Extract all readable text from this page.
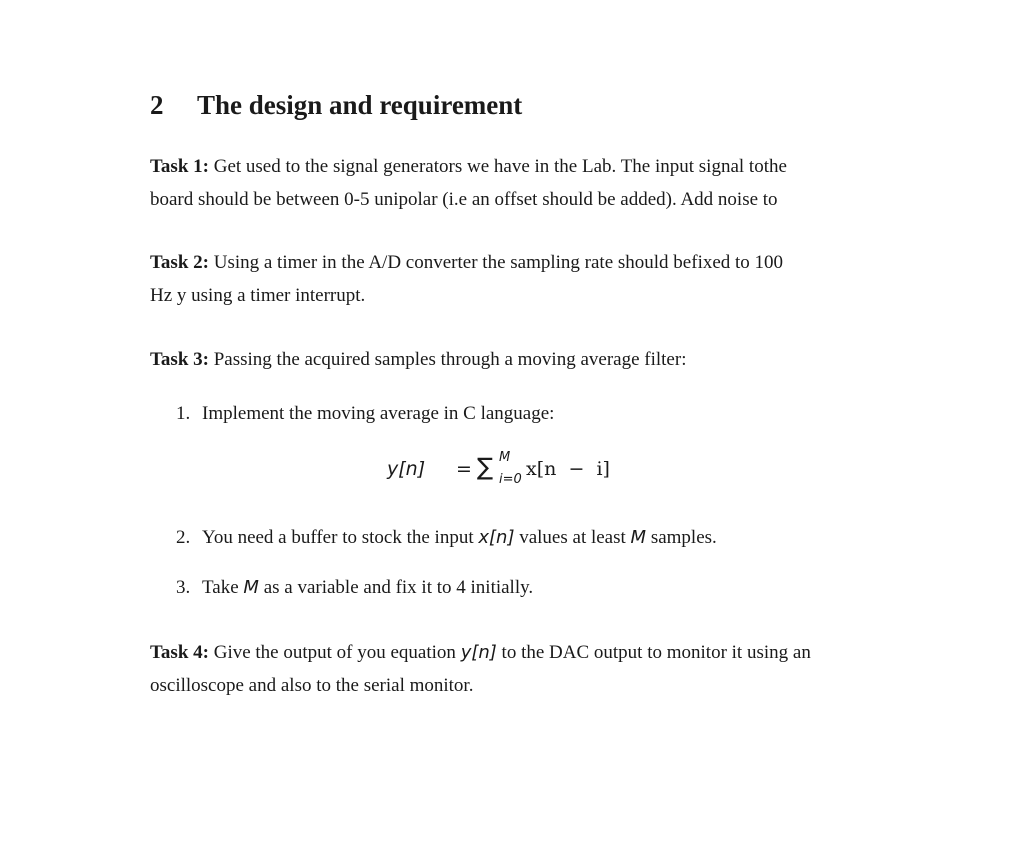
2 The design and requirement
Task 1: Get used to the signal generators we have in the Lab. The input signal tothe
board should be between 0-5 unipolar (i.e an offset should be added). Add noise to
Task 2: Using a timer in the A/D converter the sampling rate should befixed to 100
Hz y using a timer interrupt.
Task 3: Passing the acquired samples through a moving average filter:
1. Implement the moving average in C language:
y[n] = ∑ M
i=0 x[n  −  i]
2. You need a buffer to stock the input x[n] values at least M samples.
3. Take M as a variable and fix it to 4 initially.
Task 4: Give the output of you equation y[n] to the DAC output to monitor it using an
oscilloscope and also to the serial monitor.
